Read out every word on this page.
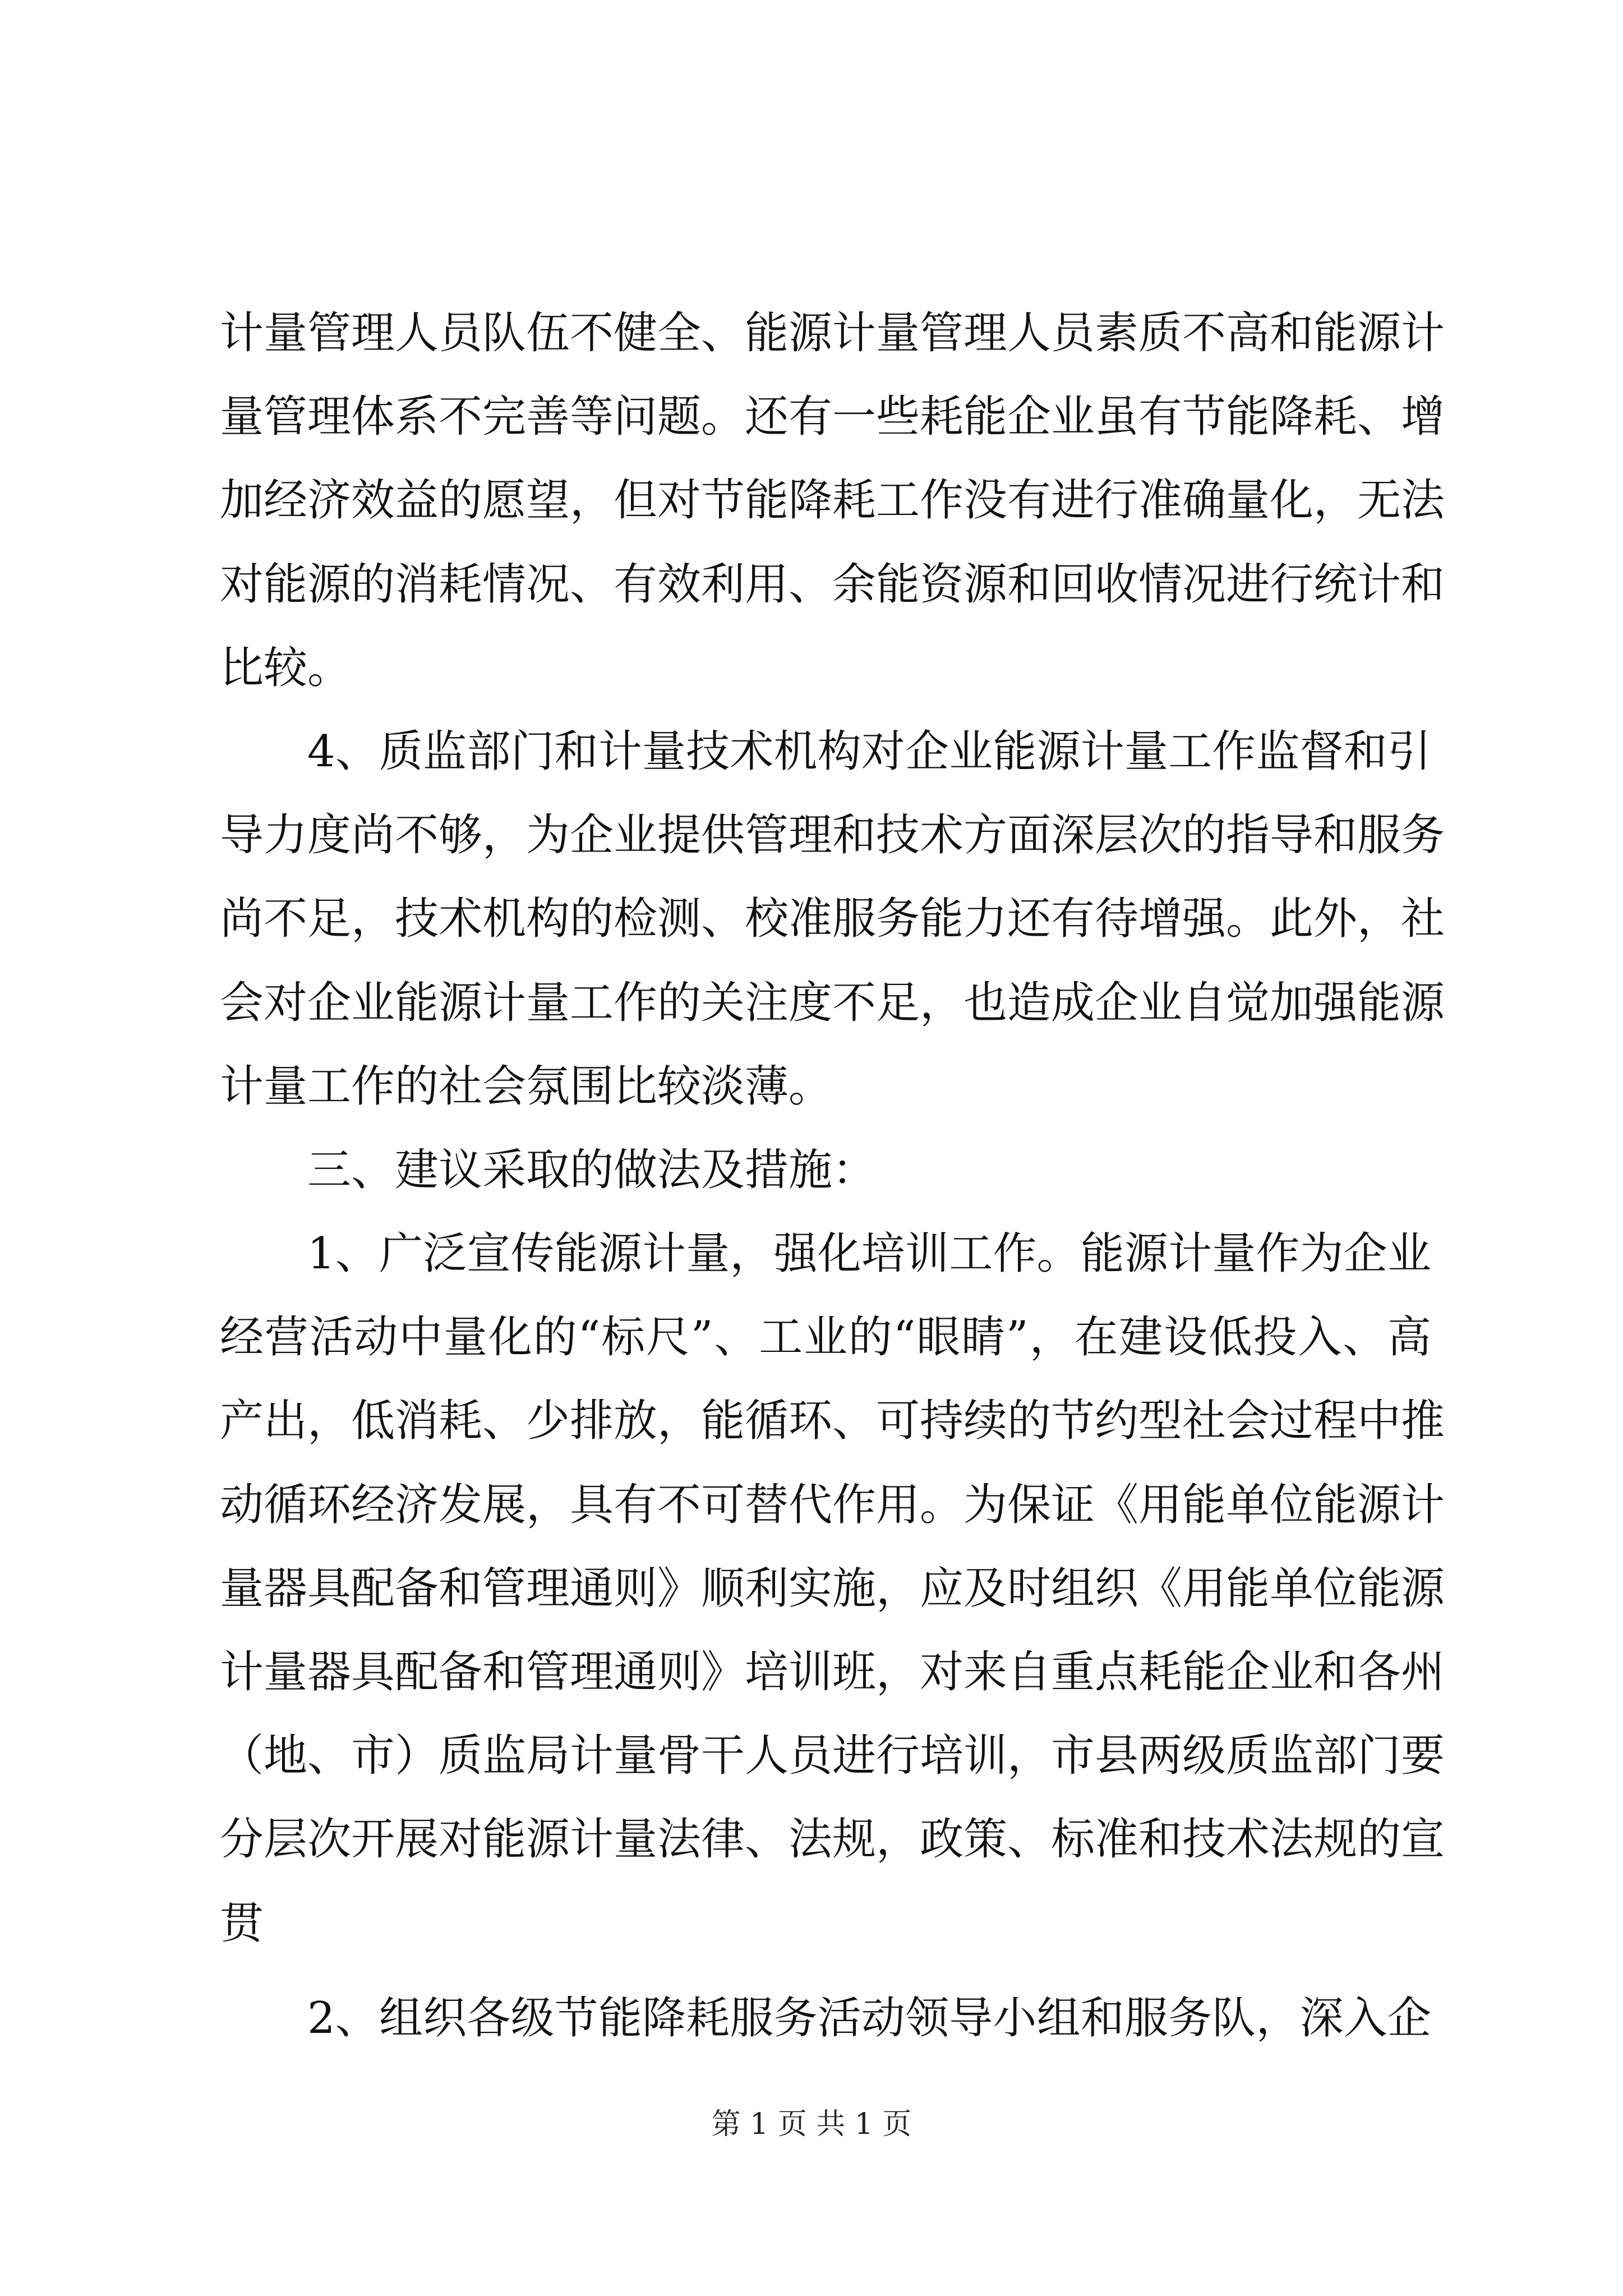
计量管理人员队伍不健全、能源计量管理人员素质不高和能源计
量管理体系不完善等问题。还有一些耗能企业虽有节能降耗、增
加经济效益的愿望，但对节能降耗工作没有进行准确量化，无法
对能源的消耗情况、有效利用、余能资源和回收情况进行统计和
比较。
4、质监部门和计量技术机构对企业能源计量工作监督和引
导力度尚不够，为企业提供管理和技术方面深层次的指导和服务
尚不足，技术机构的检测、校准服务能力还有待增强。此外，社
会对企业能源计量工作的关注度不足，也造成企业自觉加强能源
计量工作的社会氛围比较淡薄。
三、建议采取的做法及措施：
1、广泛宣传能源计量，强化培训工作。能源计量作为企业
经营活动中量化的“标尺”、工业的“眼睛”，在建设低投入、高
产出，低消耗、少排放，能循环、可持续的节约型社会过程中推
动循环经济发展，具有不可替代作用。为保证《用能单位能源计
量器具配备和管理通则》顺利实施，应及时组织《用能单位能源
计量器具配备和管理通则》培训班，对来自重点耗能企业和各州
（地、市）质监局计量骨干人员进行培训，市县两级质监部门要
分层次开展对能源计量法律、法规，政策、标准和技术法规的宣
贯
2、组织各级节能降耗服务活动领导小组和服务队，深入企
第 1 页 共 1 页
